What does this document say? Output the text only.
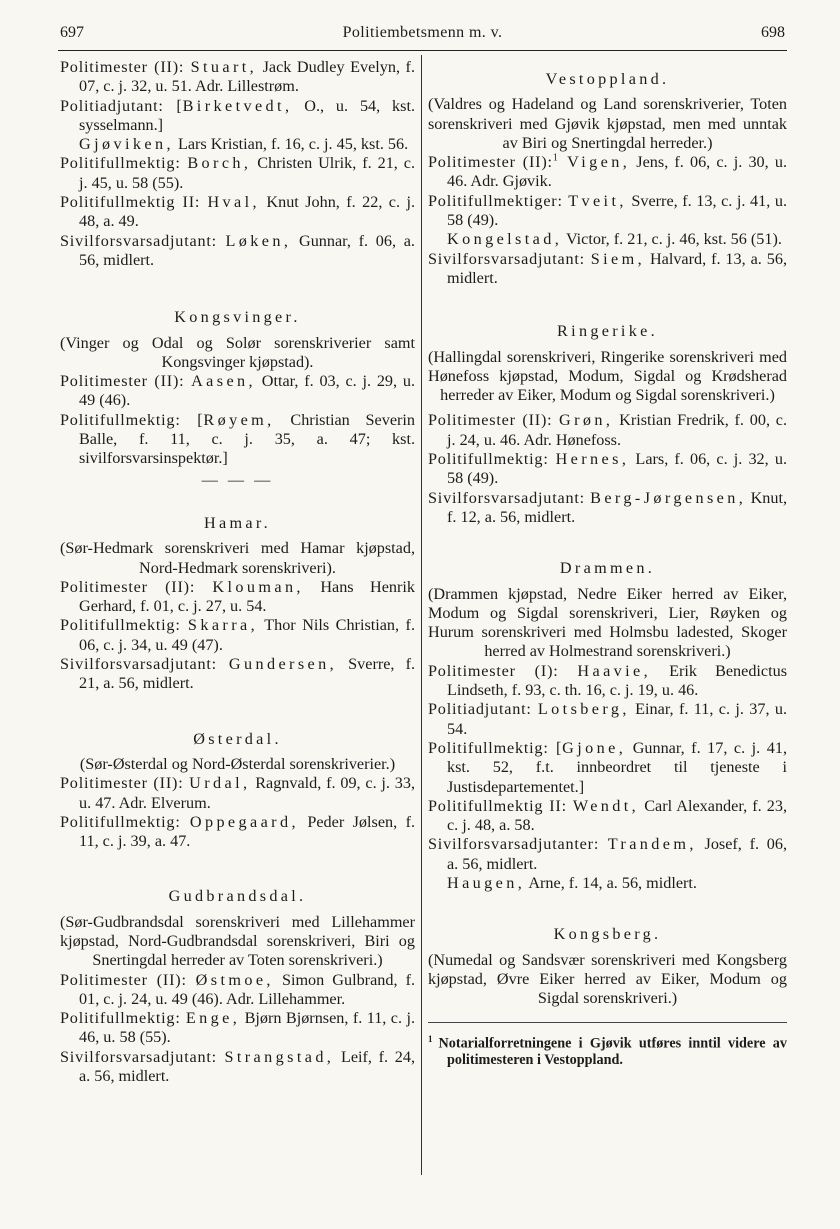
697	Politiembetsmenn m. v.	698

Politimester (II): Stuart, Jack Dudley Evelyn, f. 07, c. j. 32, u. 51. Adr. Lillestrøm.

Politiadjutant: [Birketvedt, O., u. 54, kst. sysselmann.]

Gjøviken, Lars Kristian, f. 16, c. j. 45, kst. 56.

Politifullmektig: Borch, Christen Ulrik, f. 21, c. j. 45, u. 58 (55).

Politifullmektig II: Hval, Knut John, f. 22, c. j. 48, a. 49.

Sivilforsvarsadjutant: Løken, Gunnar, f. 06, a. 56, midlert.

Kongsvinger.

(Vinger og Odal og Solør sorenskriverier samt Kongsvinger kjøpstad).

Politimester (II): Aasen, Ottar, f. 03, c. j. 29, u. 49 (46).

Politifullmektig: [Røyem, Christian Severin Balle, f. 11, c. j. 35, a. 47; kst. sivilforsvarsinspektør.]

— — —

Hamar.

(Sør-Hedmark sorenskriveri med Hamar kjøpstad, Nord-Hedmark sorenskriveri).

Politimester (II): Klouman, Hans Henrik Gerhard, f. 01, c. j. 27, u. 54.

Politifullmektig: Skarra, Thor Nils Christian, f. 06, c. j. 34, u. 49 (47).

Sivilforsvarsadjutant: Gundersen, Sverre, f. 21, a. 56, midlert.

Østerdal.

(Sør-Østerdal og Nord-Østerdal sorenskriverier.)

Politimester (II): Urdal, Ragnvald, f. 09, c. j. 33, u. 47. Adr. Elverum.

Politifullmektig: Oppegaard, Peder Jølsen, f. 11, c. j. 39, a. 47.

Gudbrandsdal.

(Sør-Gudbrandsdal sorenskriveri med Lillehammer kjøpstad, Nord-Gudbrandsdal sorenskriveri, Biri og Snertingdal herreder av Toten sorenskriveri.)

Politimester (II): Østmoe, Simon Gulbrand, f. 01, c. j. 24, u. 49 (46). Adr. Lillehammer.

Politifullmektig: Enge, Bjørn Bjørnsen, f. 11, c. j. 46, u. 58 (55).

Sivilforsvarsadjutant: Strangstad, Leif, f. 24, a. 56, midlert.

Vestoppland.

(Valdres og Hadeland og Land sorenskriverier, Toten sorenskriveri med Gjøvik kjøpstad, men med unntak av Biri og Snertingdal herreder.)

Politimester (II):$^1$ Vigen, Jens, f. 06, c. j. 30, u. 46. Adr. Gjøvik.

Politifullmektiger: Tveit, Sverre, f. 13, c. j. 41, u. 58 (49).

Kongelstad, Victor, f. 21, c. j. 46, kst. 56 (51).

Sivilforsvarsadjutant: Siem, Halvard, f. 13, a. 56, midlert.

Ringerike.

(Hallingdal sorenskriveri, Ringerike sorenskriveri med Hønefoss kjøpstad, Modum, Sigdal og Krødsherad herreder av Eiker, Modum og Sigdal sorenskriveri.)

Politimester (II): Grøn, Kristian Fredrik, f. 00, c. j. 24, u. 46. Adr. Hønefoss.

Politifullmektig: Hernes, Lars, f. 06, c. j. 32, u. 58 (49).

Sivilforsvarsadjutant: Berg-Jørgensen, Knut, f. 12, a. 56, midlert.

Drammen.

(Drammen kjøpstad, Nedre Eiker herred av Eiker, Modum og Sigdal sorenskriveri, Lier, Røyken og Hurum sorenskriveri med Holmsbu ladested, Skoger herred av Holmestrand sorenskriveri.)

Politimester (I): Haavie, Erik Benedictus Lindseth, f. 93, c. th. 16, c. j. 19, u. 46.

Politiadjutant: Lotsberg, Einar, f. 11, c. j. 37, u. 54.

Politifullmektig: [Gjone, Gunnar, f. 17, c. j. 41, kst. 52, f.t. innbeordret til tjeneste i Justisdepartementet.]

Politifullmektig II: Wendt, Carl Alexander, f. 23, c. j. 48, a. 58.

Sivilforsvarsadjutanter: Trandem, Josef, f. 06, a. 56, midlert.

Haugen, Arne, f. 14, a. 56, midlert.

Kongsberg.

(Numedal og Sandsvær sorenskriveri med Kongsberg kjøpstad, Øvre Eiker herred av Eiker, Modum og Sigdal sorenskriveri.)

$^1$ Notarialforretningene i Gjøvik utføres inntil videre av politimesteren i Vestoppland.
